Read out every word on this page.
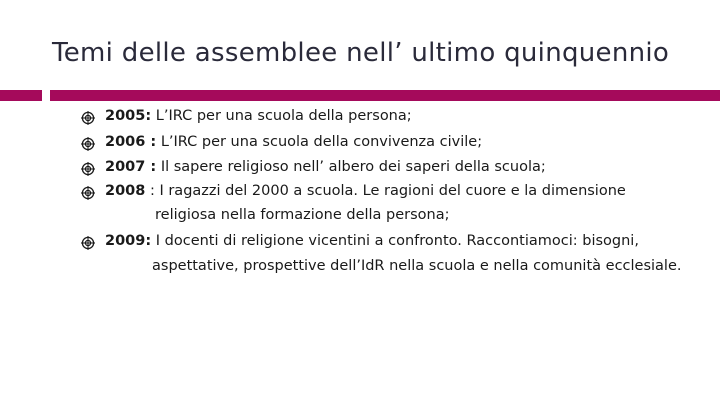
Temi delle assemblee nell’ ultimo quinquennio
2005: L’IRC per una scuola della persona;
2006 : L’IRC per una scuola della convivenza civile;
2007 : Il sapere religioso nell’ albero dei saperi della scuola;
2008 : I ragazzi del 2000 a scuola. Le ragioni del cuore e la dimensione
religiosa nella formazione della persona;
2009: I docenti di religione vicentini a confronto. Raccontiamoci: bisogni,
aspettative, prospettive dell’IdR nella scuola e nella comunità ecclesiale.
